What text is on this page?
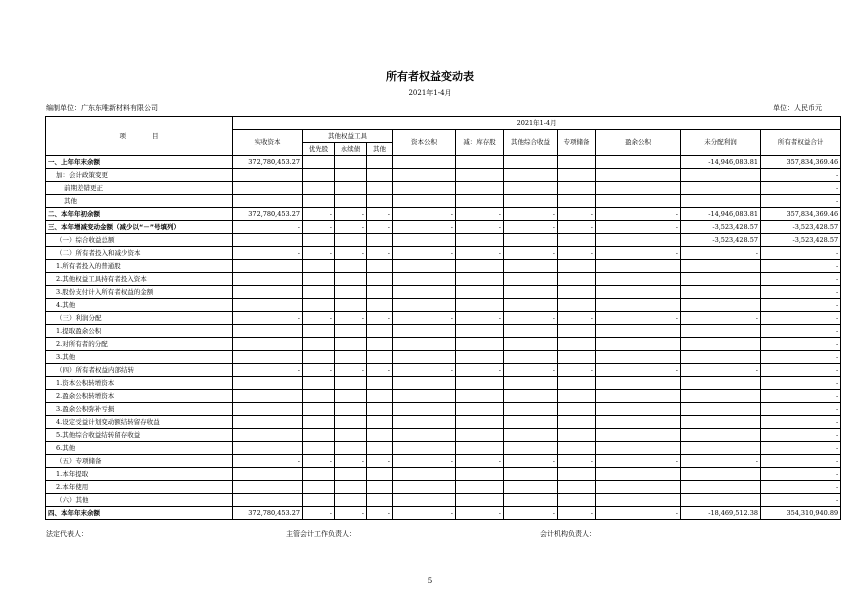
所有者权益变动表
2021年1-4月
编制单位：广东东唯新材料有限公司	单位：人民币元
项　　　　目	2021年1-4月										
	实收资本	其他权益工具			资本公积	减：库存股	其他综合收益	专项储备	盈余公积	未分配利润	所有者权益合计
		优先股	永续债	其他							
一、上年年末余额	372,780,453.27									-14,946,083.81	357,834,369.46
加：会计政策变更											-
前期差错更正											-
其他											-
二、本年年初余额	372,780,453.27	-	-	-	-	-	-	-	-	-14,946,083.81	357,834,369.46
三、本年增减变动金额（减少以“－”号填列）	-	-	-	-	-	-	-	-	-	-3,523,428.57	-3,523,428.57
（一）综合收益总额										-3,523,428.57	-3,523,428.57
（二）所有者投入和减少资本	-	-	-	-	-	-	-	-	-	-	-
1.所有者投入的普通股											-
2.其他权益工具持有者投入资本											-
3.股份支付计入所有者权益的金额											-
4.其他											-
（三）利润分配	-	-	-	-	-	-	-	-	-	-	-
1.提取盈余公积											-
2.对所有者的分配											-
3.其他											-
（四）所有者权益内部结转	-	-	-	-	-	-	-	-	-	-	-
1.资本公积转增资本											-
2.盈余公积转增资本											-
3.盈余公积弥补亏损											-
4.设定受益计划变动额结转留存收益											-
5.其他综合收益结转留存收益											-
6.其他											-
（五）专项储备	-	-	-	-	-	-	-	-	-	-	-
1.本年提取											-
2.本年使用											-
（六）其他											-
四、本年年末余额	372,780,453.27	-	-	-	-	-	-	-	-	-18,469,512.38	354,310,940.89
法定代表人：	主管会计工作负责人：	会计机构负责人：
5
